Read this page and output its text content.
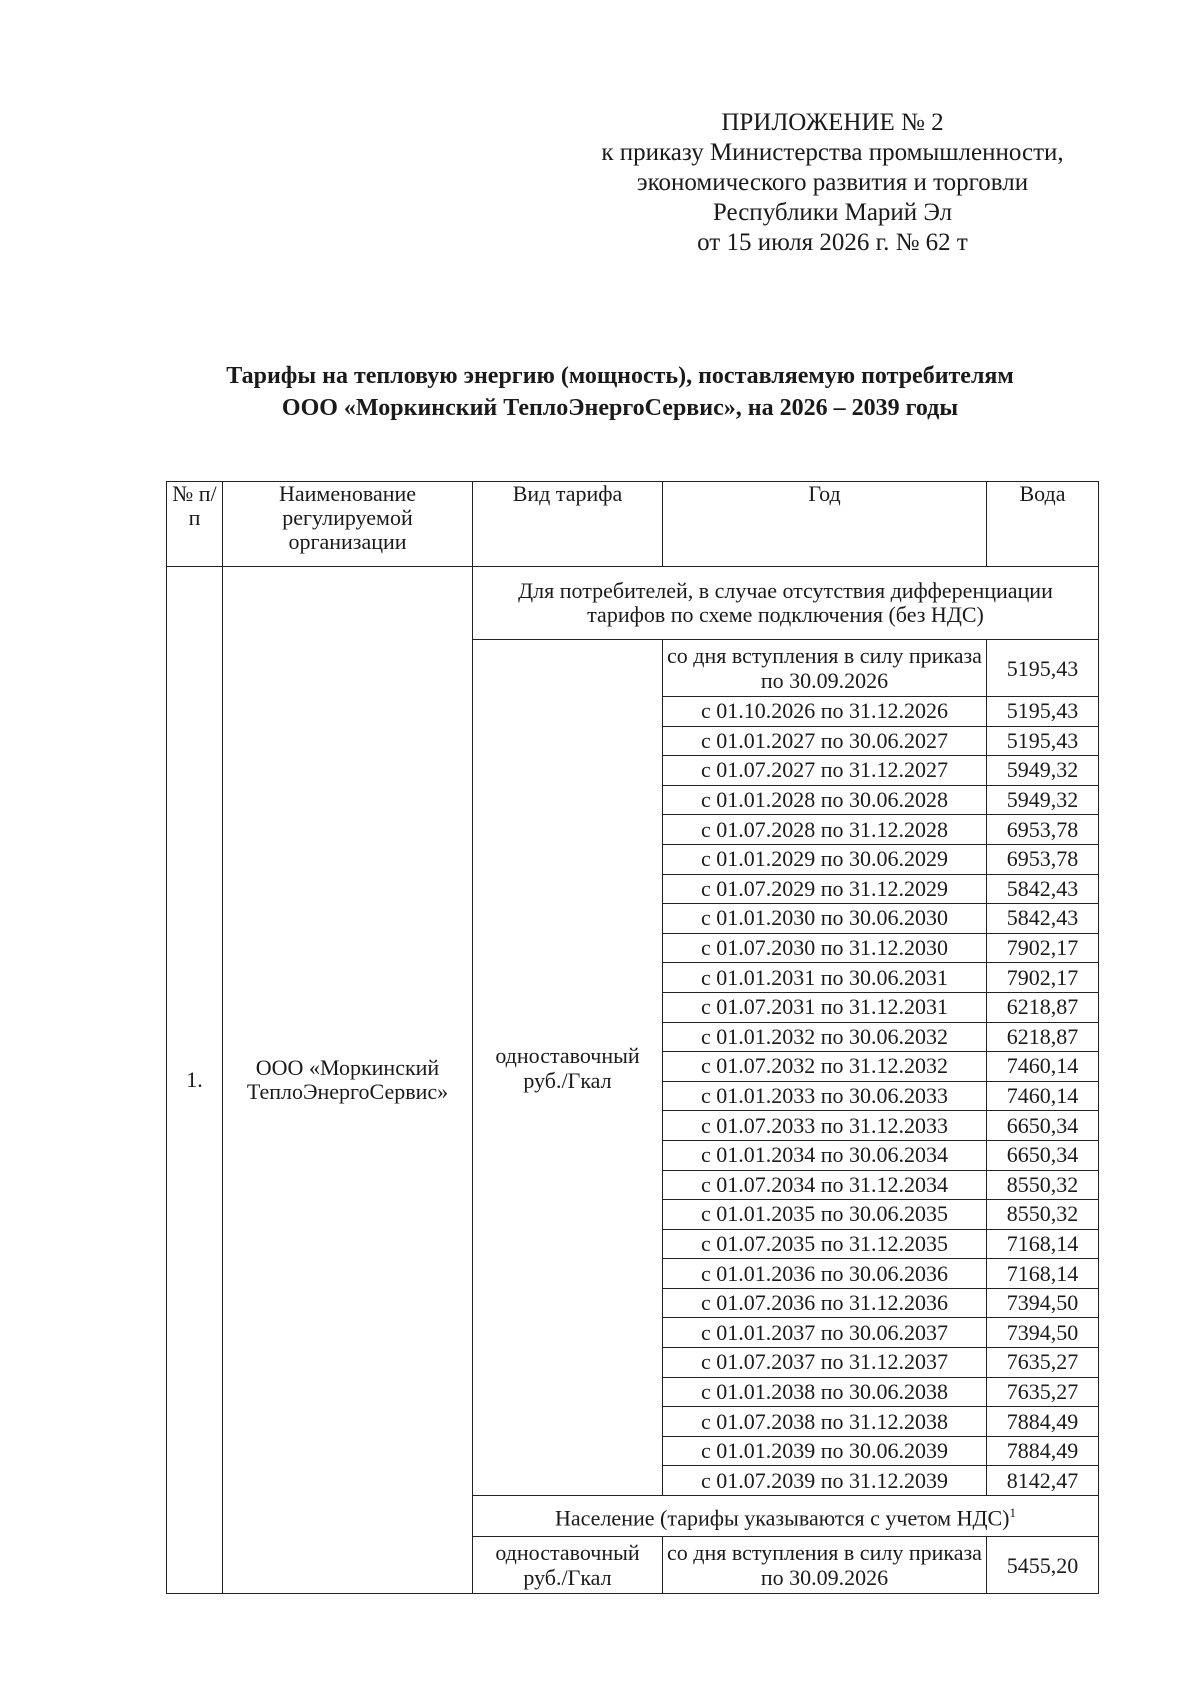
ПРИЛОЖЕНИЕ № 2
к приказу Министерства промышленности,
экономического развития и торговли
Республики Марий Эл
от 15 июля 2026 г. № 62 т
Тарифы на тепловую энергию (мощность), поставляемую потребителям
ООО «Моркинский ТеплоЭнергоСервис», на 2026 – 2039 годы
№ п/п	Наименование регулируемой организации	Вид тарифа	Год	Вода
1.	ООО «Моркинский ТеплоЭнергоСервис»	Для потребителей, в случае отсутствия дифференциации тарифов по схеме подключения (без НДС)		
		одноставочный руб./Гкал	со дня вступления в силу приказа по 30.09.2026	5195,43
			с 01.10.2026 по 31.12.2026	5195,43
			с 01.01.2027 по 30.06.2027	5195,43
			с 01.07.2027 по 31.12.2027	5949,32
			с 01.01.2028 по 30.06.2028	5949,32
			с 01.07.2028 по 31.12.2028	6953,78
			с 01.01.2029 по 30.06.2029	6953,78
			с 01.07.2029 по 31.12.2029	5842,43
			с 01.01.2030 по 30.06.2030	5842,43
			с 01.07.2030 по 31.12.2030	7902,17
			с 01.01.2031 по 30.06.2031	7902,17
			с 01.07.2031 по 31.12.2031	6218,87
			с 01.01.2032 по 30.06.2032	6218,87
			с 01.07.2032 по 31.12.2032	7460,14
			с 01.01.2033 по 30.06.2033	7460,14
			с 01.07.2033 по 31.12.2033	6650,34
			с 01.01.2034 по 30.06.2034	6650,34
			с 01.07.2034 по 31.12.2034	8550,32
			с 01.01.2035 по 30.06.2035	8550,32
			с 01.07.2035 по 31.12.2035	7168,14
			с 01.01.2036 по 30.06.2036	7168,14
			с 01.07.2036 по 31.12.2036	7394,50
			с 01.01.2037 по 30.06.2037	7394,50
			с 01.07.2037 по 31.12.2037	7635,27
			с 01.01.2038 по 30.06.2038	7635,27
			с 01.07.2038 по 31.12.2038	7884,49
			с 01.01.2039 по 30.06.2039	7884,49
			с 01.07.2039 по 31.12.2039	8142,47
		Население (тарифы указываются с учетом НДС)$^1$
		одноставочный руб./Гкал	со дня вступления в силу приказа по 30.09.2026	5455,20
